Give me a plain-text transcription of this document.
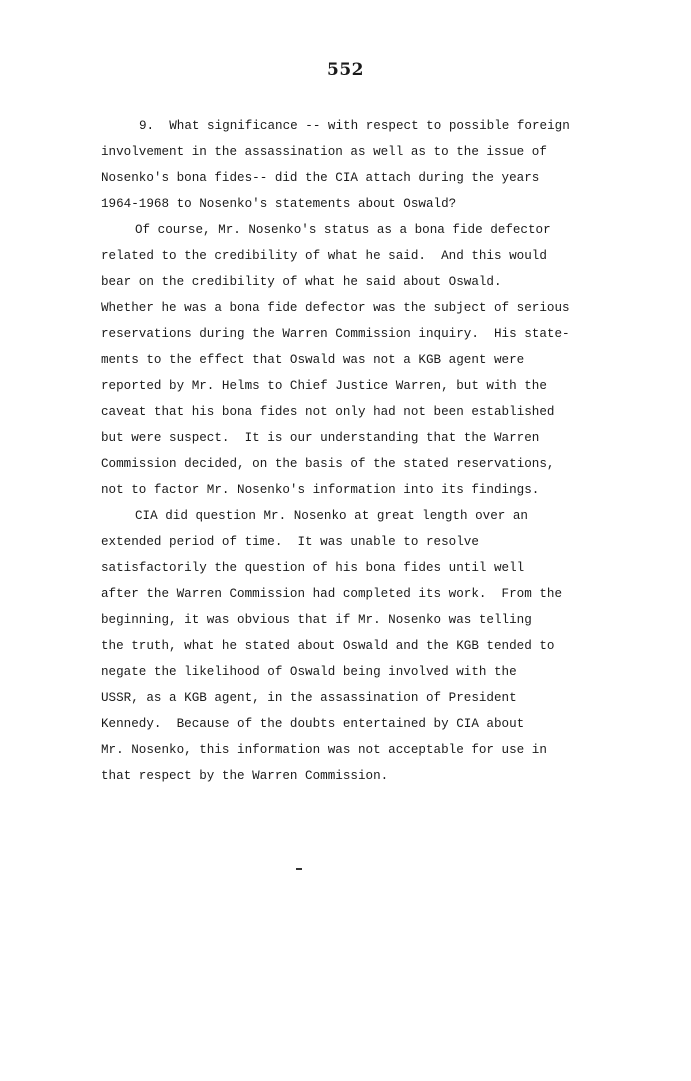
552
9.  What significance -- with respect to possible foreign
involvement in the assassination as well as to the issue of
Nosenko's bona fides-- did the CIA attach during the years
1964-1968 to Nosenko's statements about Oswald?
Of course, Mr. Nosenko's status as a bona fide defector
related to the credibility of what he said.  And this would
bear on the credibility of what he said about Oswald.
Whether he was a bona fide defector was the subject of serious
reservations during the Warren Commission inquiry.  His state-
ments to the effect that Oswald was not a KGB agent were
reported by Mr. Helms to Chief Justice Warren, but with the
caveat that his bona fides not only had not been established
but were suspect.  It is our understanding that the Warren
Commission decided, on the basis of the stated reservations,
not to factor Mr. Nosenko's information into its findings.
CIA did question Mr. Nosenko at great length over an
extended period of time.  It was unable to resolve
satisfactorily the question of his bona fides until well
after the Warren Commission had completed its work.  From the
beginning, it was obvious that if Mr. Nosenko was telling
the truth, what he stated about Oswald and the KGB tended to
negate the likelihood of Oswald being involved with the
USSR, as a KGB agent, in the assassination of President
Kennedy.  Because of the doubts entertained by CIA about
Mr. Nosenko, this information was not acceptable for use in
that respect by the Warren Commission.
